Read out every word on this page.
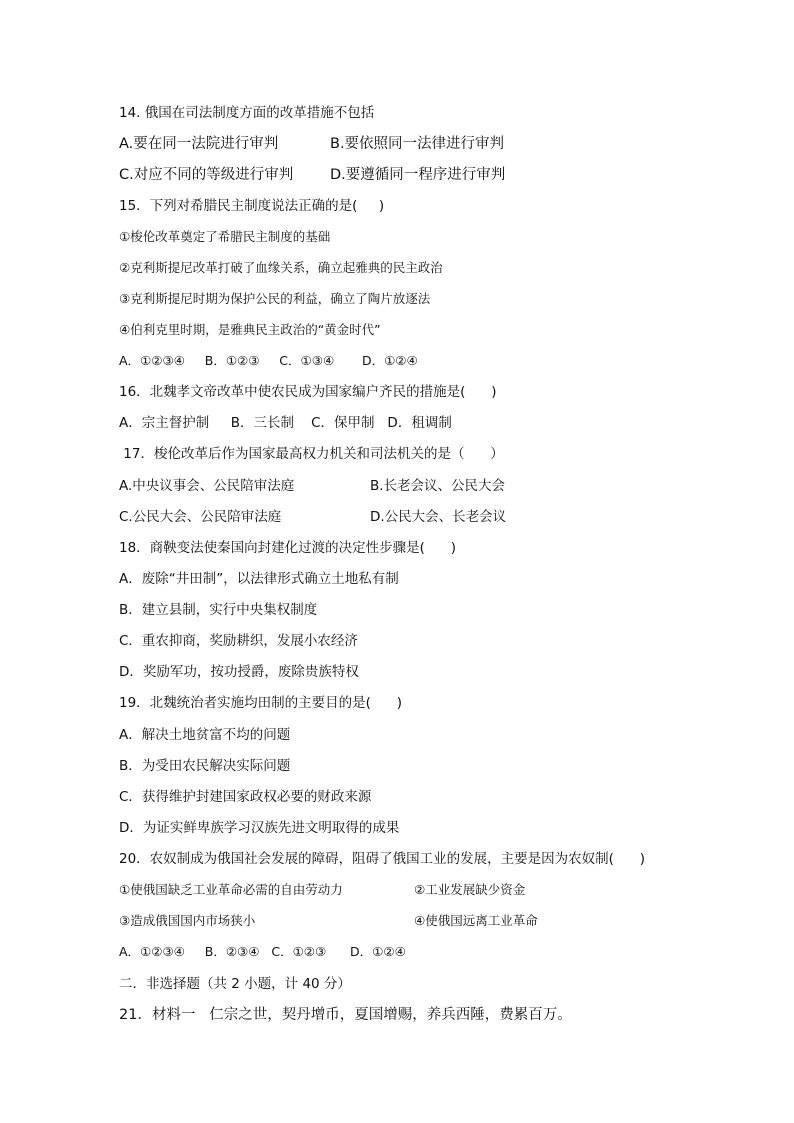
14. 俄国在司法制度方面的改革措施不包括
A.要在同一法院进行审判	B.要依照同一法律进行审判
C.对应不同的等级进行审判	D.要遵循同一程序进行审判
15．下列对希腊民主制度说法正确的是(     )
①梭伦改革奠定了希腊民主制度的基础
②克利斯提尼改革打破了血缘关系，确立起雅典的民主政治
③克利斯提尼时期为保护公民的利益，确立了陶片放逐法
④伯利克里时期，是雅典民主政治的“黄金时代”
A．①②③④     B．①②③     C．①③④       D．①②④
16．北魏孝文帝改革中使农民成为国家编户齐民的措施是(      )
A．宗主督护制     B．三长制    C．保甲制   D．租调制
17．梭伦改革后作为国家最高权力机关和司法机关的是（      ）
A.中央议事会、公民陪审法庭	B.长老会议、公民大会
C.公民大会、公民陪审法庭	D.公民大会、长老会议
18．商鞅变法使秦国向封建化过渡的决定性步骤是(      )
A．废除“井田制”，以法律形式确立土地私有制
B．建立县制，实行中央集权制度
C．重农抑商，奖励耕织，发展小农经济
D．奖励军功，按功授爵，废除贵族特权
19．北魏统治者实施均田制的主要目的是(      )
A．解决土地贫富不均的问题
B．为受田农民解决实际问题
C．获得维护封建国家政权必要的财政来源
D．为证实鲜卑族学习汉族先进文明取得的成果
20．农奴制成为俄国社会发展的障碍，阻碍了俄国工业的发展，主要是因为农奴制(      )
①使俄国缺乏工业革命必需的自由劳动力	②工业发展缺少资金
③造成俄国国内市场狭小	④使俄国远离工业革命
A．①②③④     B．②③④   C．①②③      D．①②④
二．非选择题（共 2 小题，计 40 分）
21．材料一   仁宗之世，契丹增币，夏国增赐，养兵西陲，费累百万。
